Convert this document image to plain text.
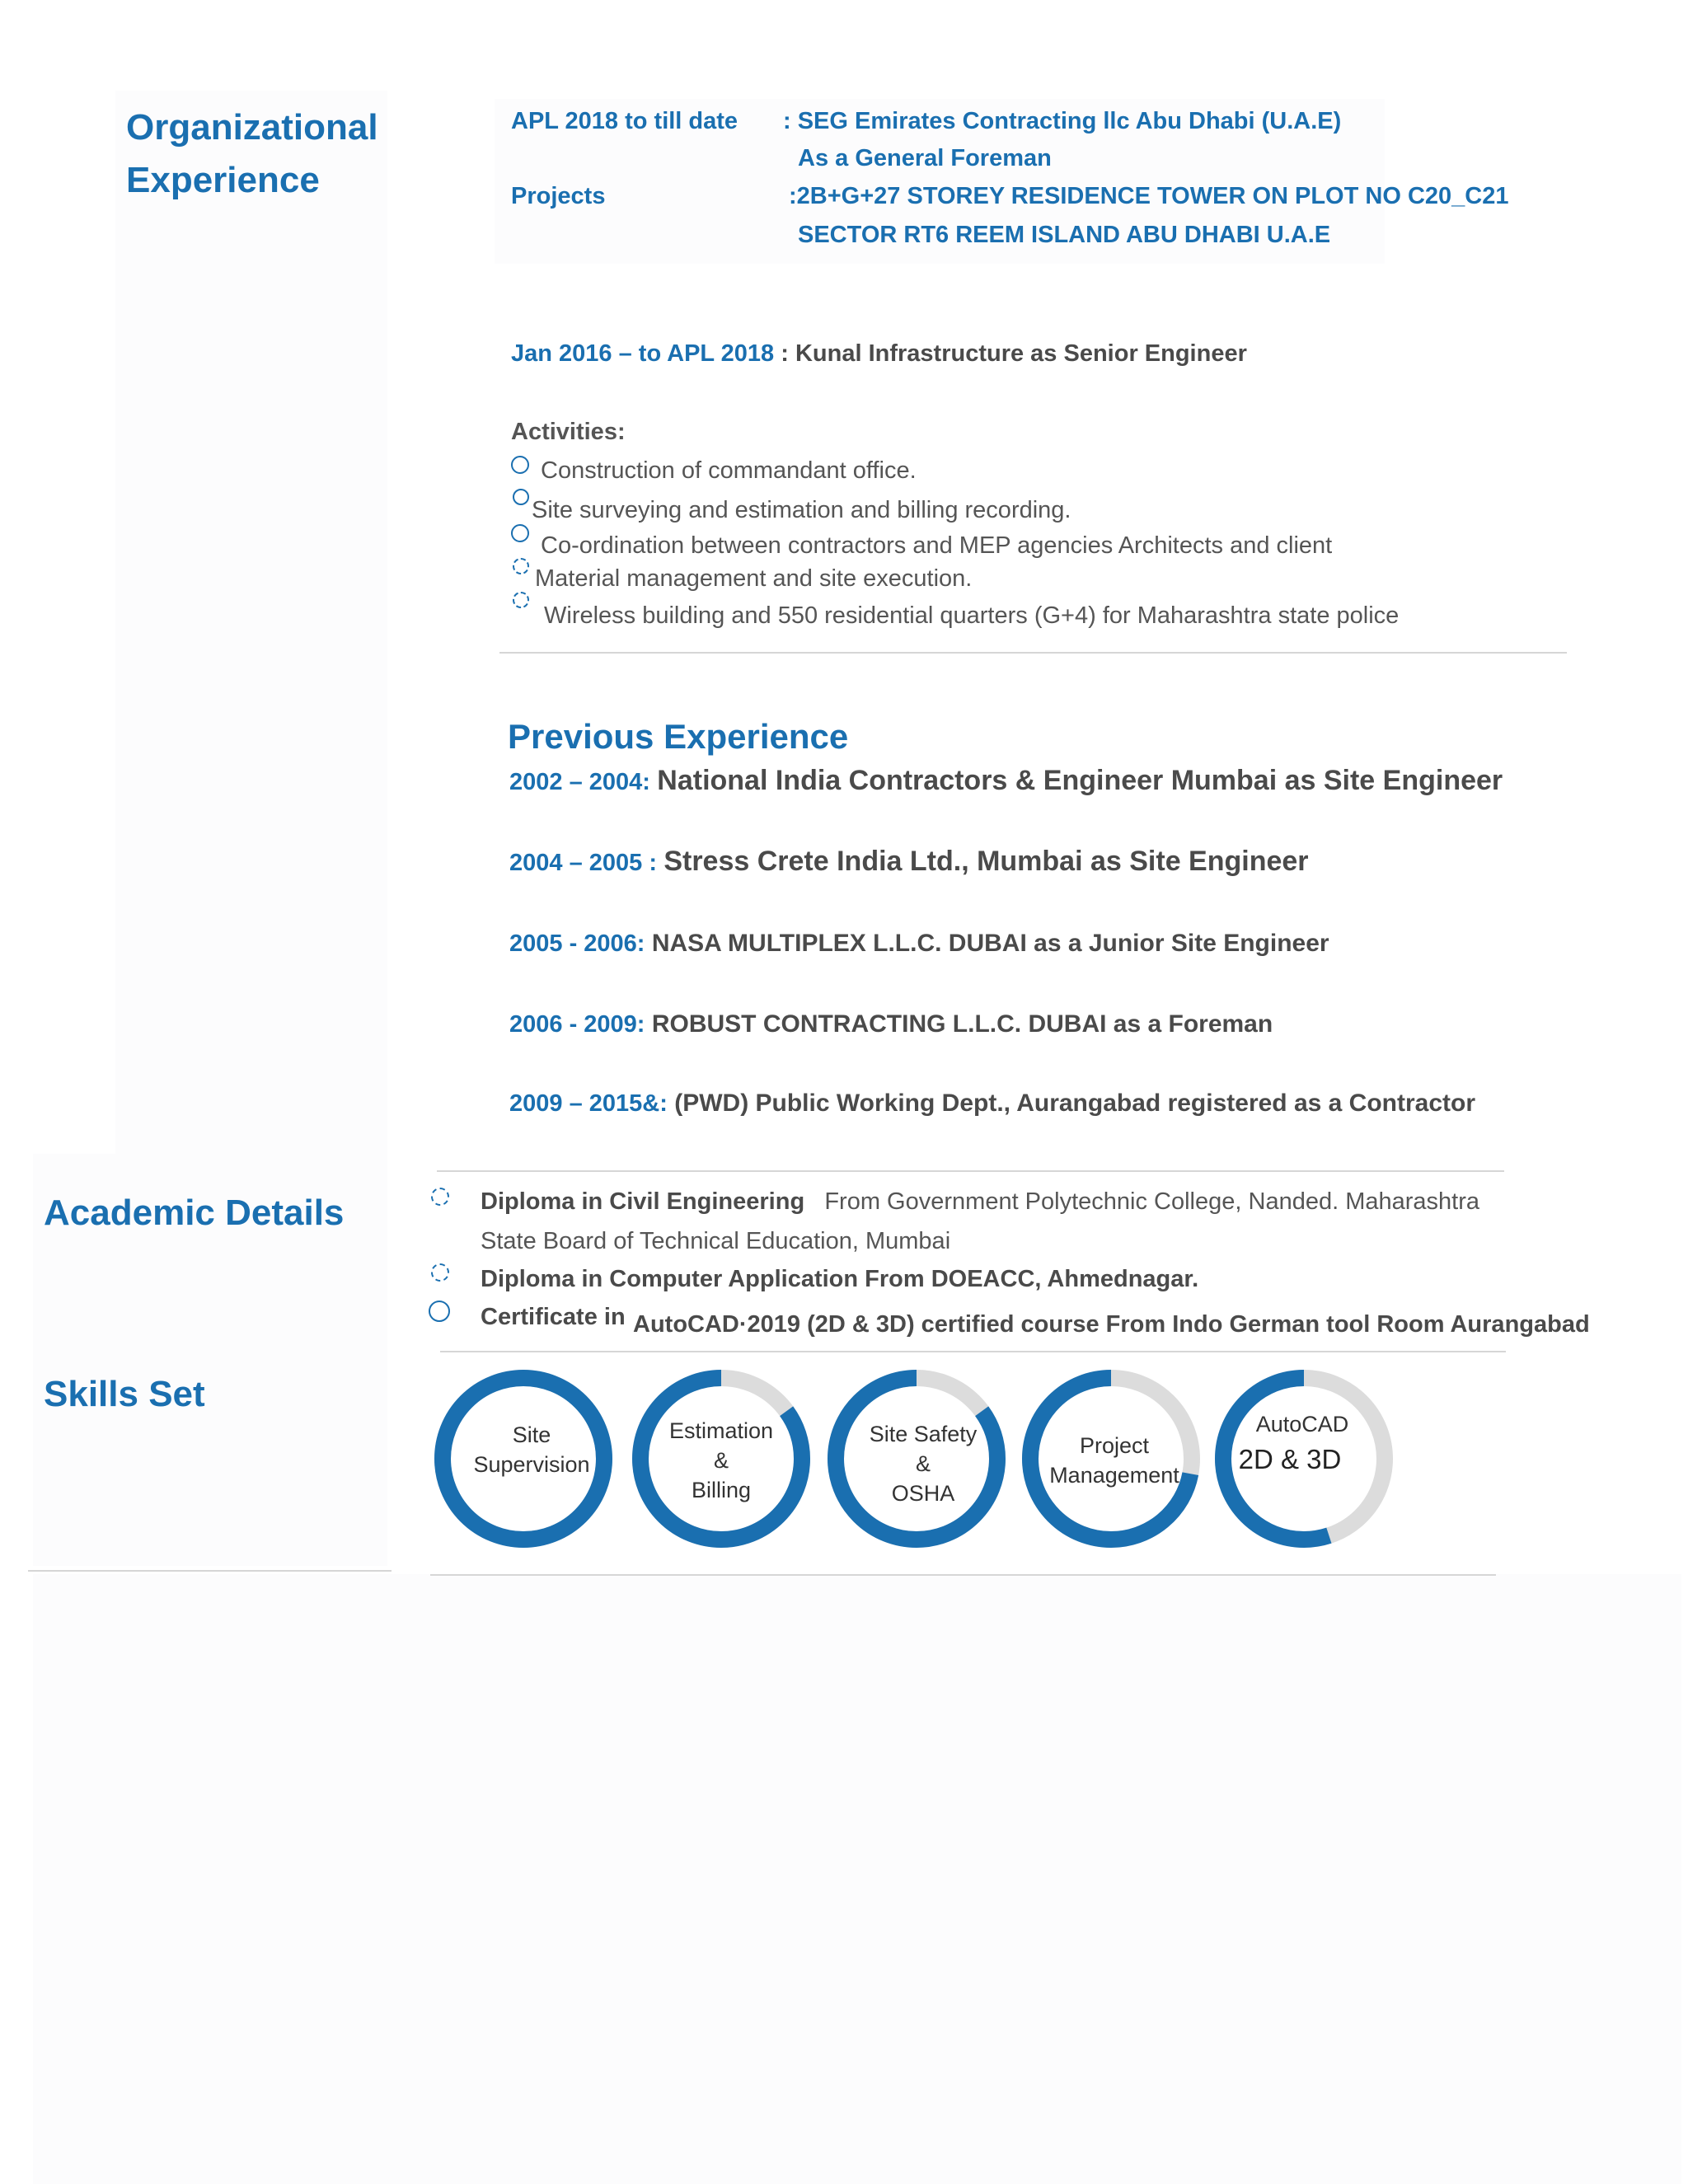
Organizational
Experience
APL 2018 to till date : SEG Emirates Contracting llc Abu Dhabi (U.A.E)
As a General Foreman
Projects	:2B+G+27 STOREY RESIDENCE TOWER ON PLOT NO C20_C21
SECTOR RT6 REEM ISLAND ABU DHABI U.A.E
Jan 2016 – to APL 2018 : Kunal Infrastructure as Senior Engineer
Activities:
Construction of commandant office.
Site surveying and estimation and billing recording.
Co-ordination between contractors and MEP agencies Architects and client
Material management and site execution.
Wireless building and 550 residential quarters (G+4) for Maharashtra state police
Previous Experience
2002 – 2004: National India Contractors & Engineer Mumbai as Site Engineer
2004 – 2005 : Stress Crete India Ltd., Mumbai as Site Engineer
2005 - 2006: NASA MULTIPLEX L.L.C. DUBAI as a Junior Site Engineer
2006 - 2009: ROBUST CONTRACTING L.L.C. DUBAI as a Foreman
2009 – 2015&: (PWD) Public Working Dept., Aurangabad registered as a Contractor
Academic Details	Diploma in Civil Engineering From Government Polytechnic College, Nanded. Maharashtra
State Board of Technical Education, Mumbai
Diploma in Computer Application From DOEACC, Ahmednagar.
Certificate in AutoCAD·2019 (2D & 3D) certified course From Indo German tool Room Aurangabad
Skills Set
Site
Supervision
Estimation
&
Billing
Site Safety
&
OSHA
Project
Management
AutoCAD
2D & 3D
